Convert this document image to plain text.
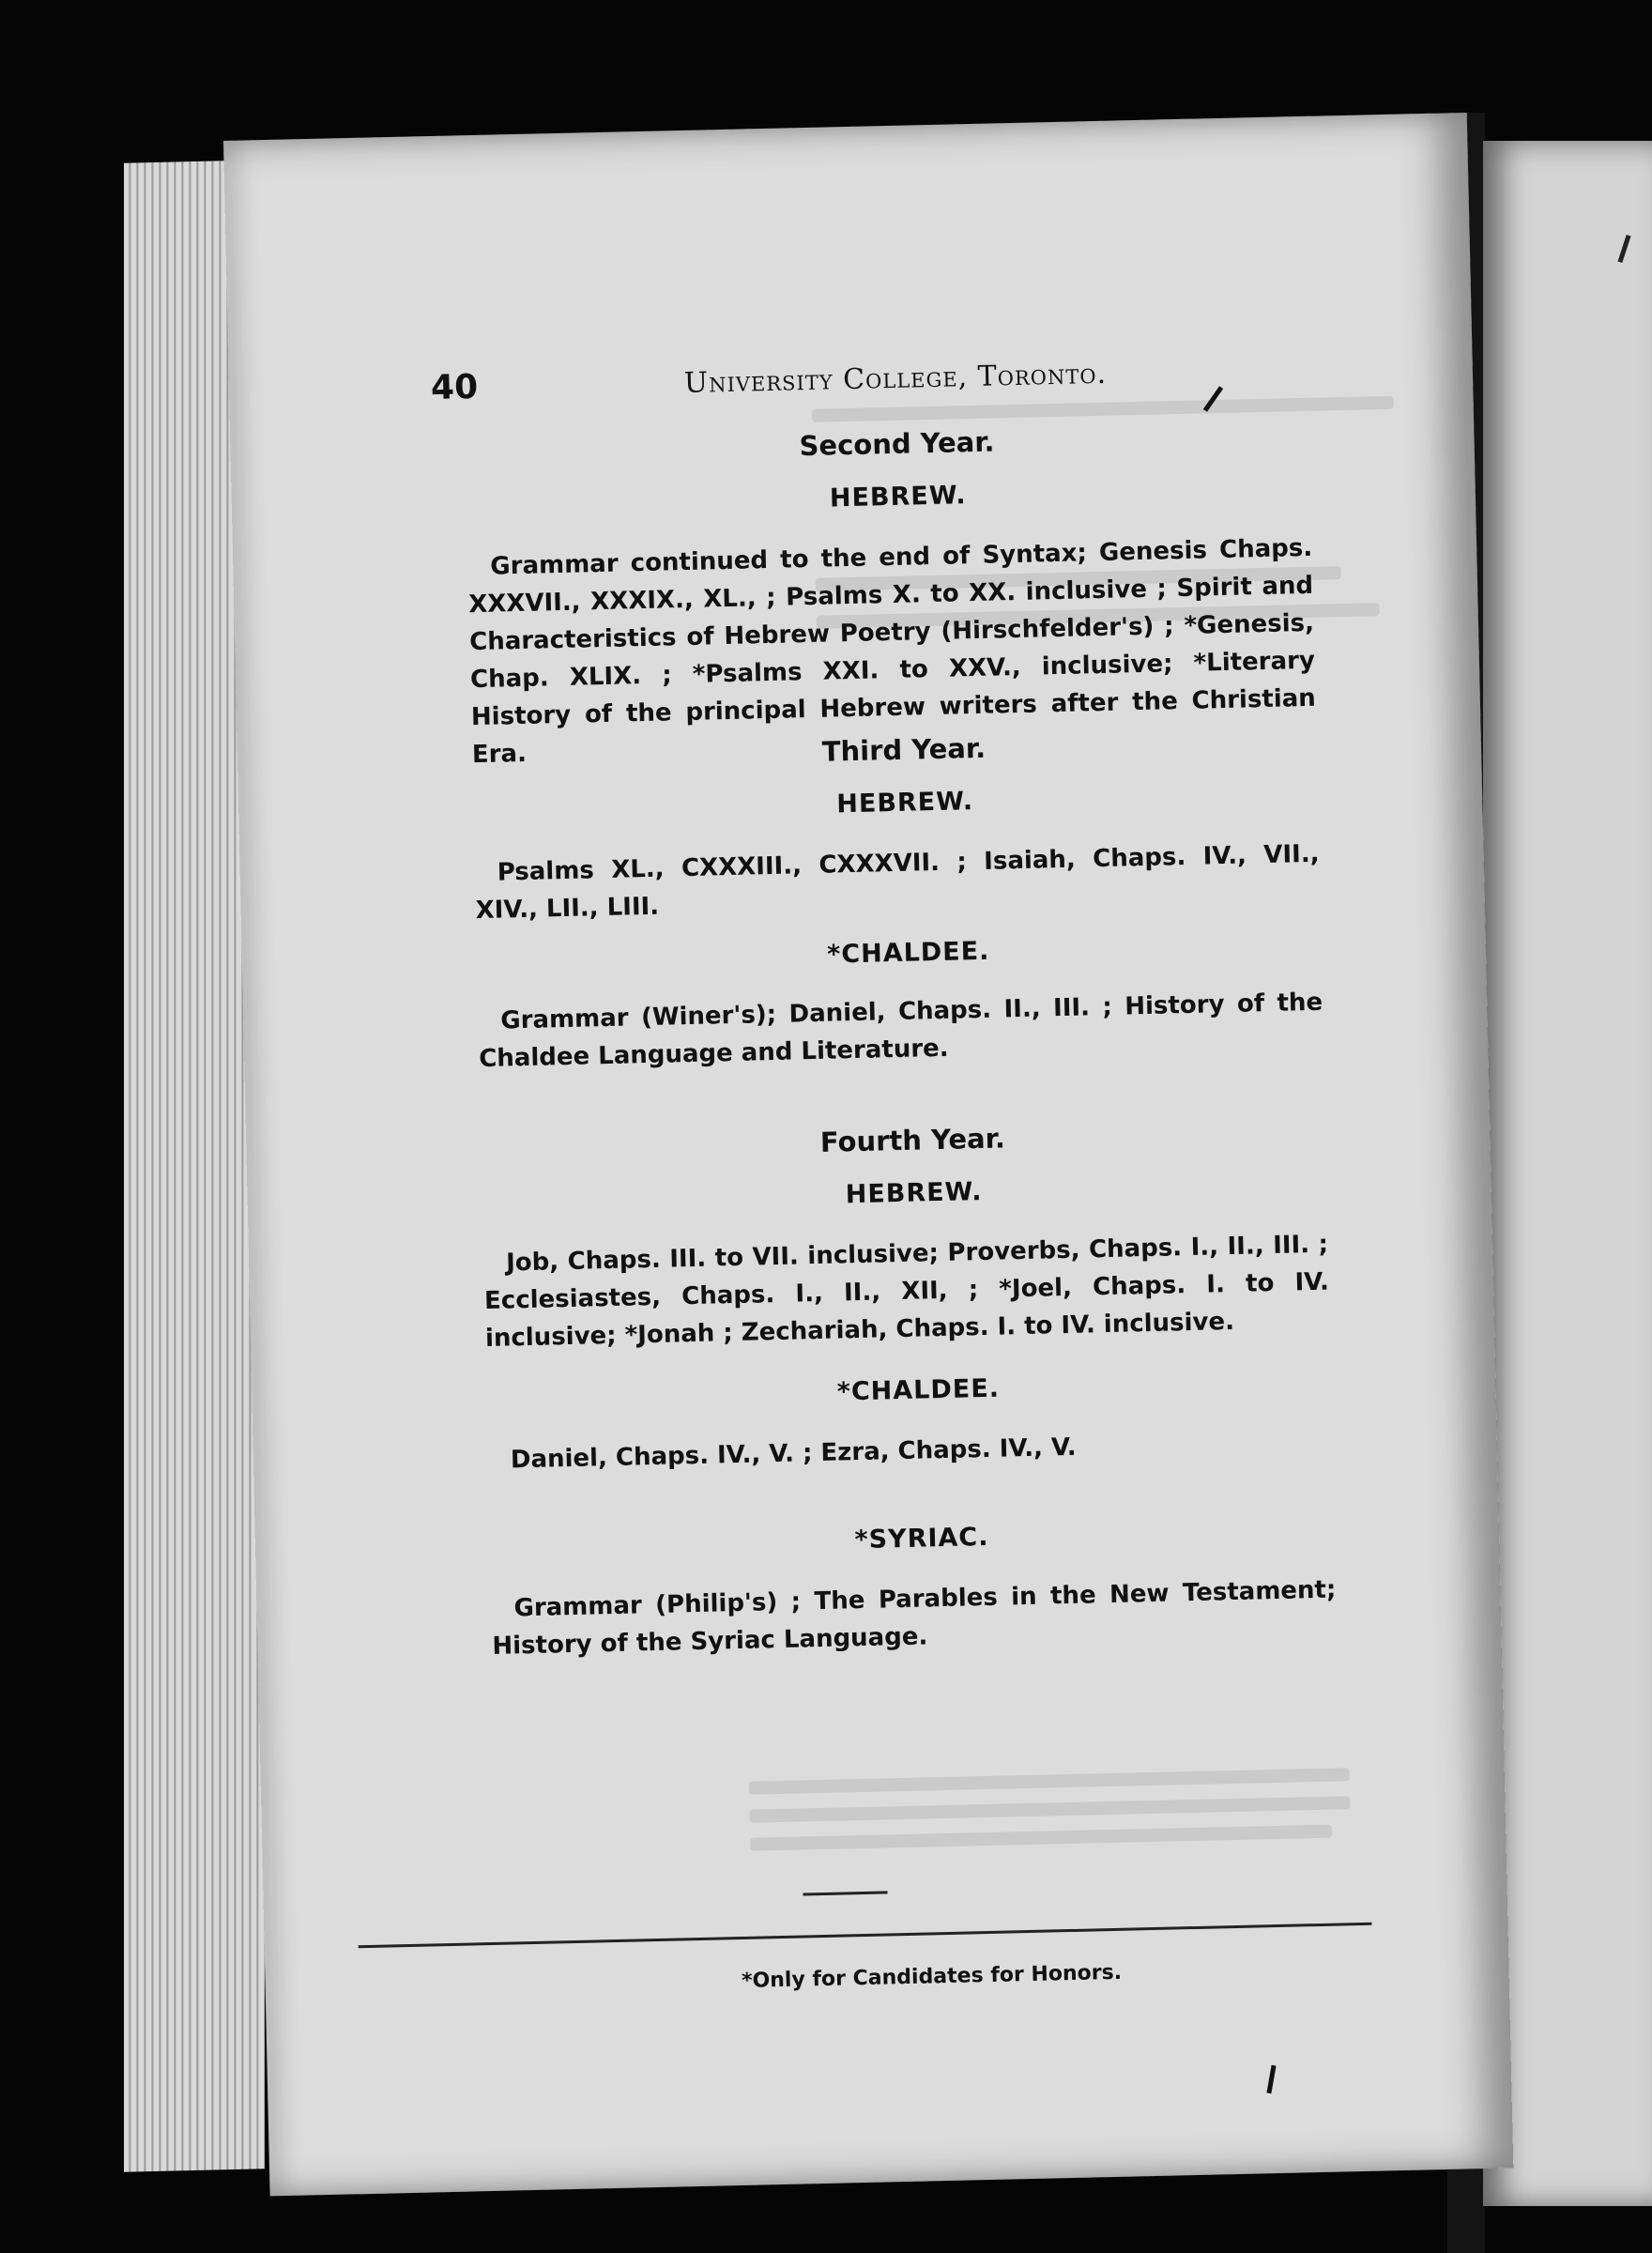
40	University College, Toronto.
Second Year.
HEBREW.
Grammar continued to the end of Syntax; Genesis Chaps. XXXVII., XXXIX., XL., ; Psalms X. to XX. inclusive ; Spirit and Characteristics of Hebrew Poetry (Hirschfelder's) ; *Genesis, Chap. XLIX. ; *Psalms XXI. to XXV., inclusive; *Literary History of the principal Hebrew writers after the Christian Era.	Third Year.
HEBREW.
Psalms XL., CXXXIII., CXXXVII. ; Isaiah, Chaps. IV., VII., XIV., LII., LIII.
*CHALDEE.
Grammar (Winer's); Daniel, Chaps. II., III. ; History of the Chaldee Language and Literature.
Fourth Year.
HEBREW.
Job, Chaps. III. to VII. inclusive; Proverbs, Chaps. I., II., III. ; Ecclesiastes, Chaps. I., II., XII, ; *Joel, Chaps. I. to IV. inclusive; *Jonah ; Zechariah, Chaps. I. to IV. inclusive.
*CHALDEE.
Daniel, Chaps. IV., V. ; Ezra, Chaps. IV., V.
*SYRIAC.
Grammar (Philip's) ; The Parables in the New Testament; History of the Syriac Language.
*Only for Candidates for Honors.
